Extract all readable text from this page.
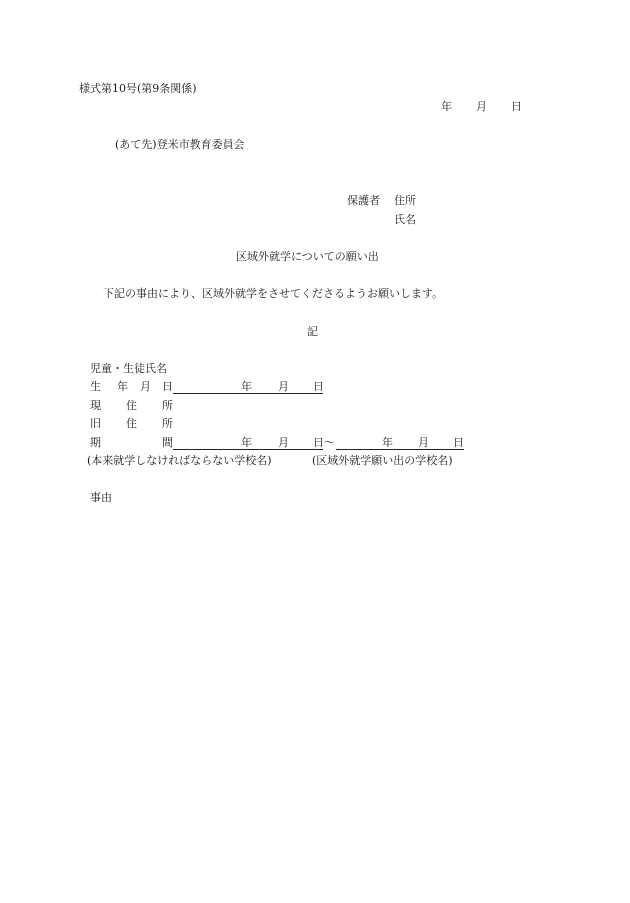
様式第10号(第9条関係)
年 月 日
(あて先)登米市教育委員会
保護者 住所
氏名
区域外就学についての願い出
下記の事由により、区域外就学をさせてくださるようお願いします。
記
児童・生徒氏名
生 年 月 日	年 月 日
現 住 所
旧 住 所
期	間	年 月 日 〜	年 月 日
(本来就学しなければならない学校名)	(区域外就学願い出の学校名)
事由
